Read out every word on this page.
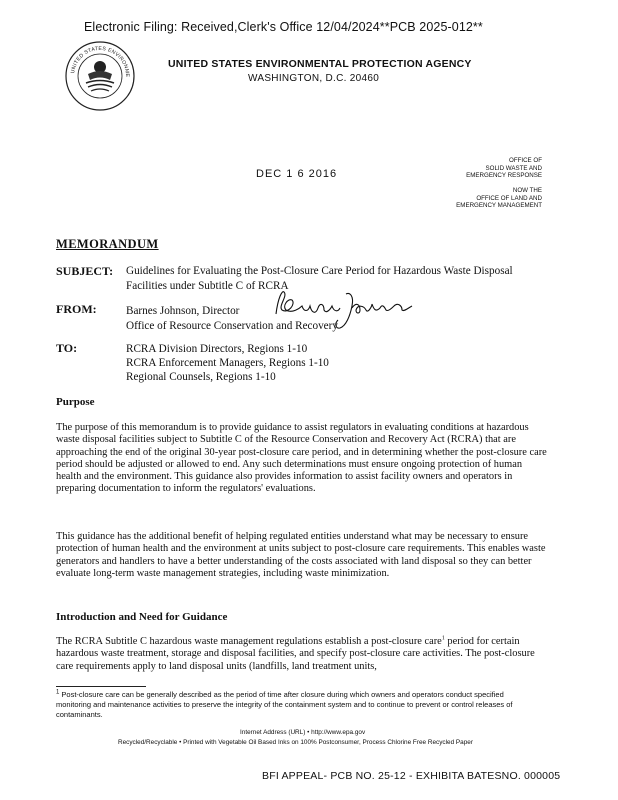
Electronic Filing: Received,Clerk's Office 12/04/2024**PCB 2025-012**
UNITED STATES ENVIRONME
UNITED STATES ENVIRONMENTAL PROTECTION AGENCY
WASHINGTON, D.C. 20460
DEC 1 6 2016
OFFICE OF
SOLID WASTE AND
EMERGENCY RESPONSE
NOW THE
OFFICE OF LAND AND
EMERGENCY MANAGEMENT
MEMORANDUM
SUBJECT: Guidelines for Evaluating the Post-Closure Care Period for Hazardous Waste Disposal
Facilities under Subtitle C of RCRA
FROM:	Barnes Johnson, Director
Office of Resource Conservation and Recovery
TO:	RCRA Division Directors, Regions 1-10
RCRA Enforcement Managers, Regions 1-10
Regional Counsels, Regions 1-10
Purpose
The purpose of this memorandum is to provide guidance to assist regulators in evaluating conditions at hazardous waste disposal facilities subject to Subtitle C of the Resource Conservation and Recovery Act (RCRA) that are approaching the end of the original 30-year post-closure care period, and in determining whether the post-closure care period should be adjusted or allowed to end. Any such determinations must ensure ongoing protection of human health and the environment. This guidance also provides information to assist facility owners and operators in preparing documentation to inform the regulators' evaluations.
This guidance has the additional benefit of helping regulated entities understand what may be necessary to ensure protection of human health and the environment at units subject to post-closure care requirements. This enables waste generators and handlers to have a better understanding of the costs associated with land disposal so they can better evaluate long-term waste management strategies, including waste minimization.
Introduction and Need for Guidance
The RCRA Subtitle C hazardous waste management regulations establish a post-closure care$^1$ period for certain hazardous waste treatment, storage and disposal facilities, and specify post-closure care activities. The post-closure care requirements apply to land disposal units (landfills, land treatment units,
$^1$ Post-closure care can be generally described as the period of time after closure during which owners and operators conduct specified monitoring and maintenance activities to preserve the integrity of the containment system and to continue to prevent or control releases of contaminants.
Internet Address (URL) • http://www.epa.gov
Recycled/Recyclable • Printed with Vegetable Oil Based Inks on 100% Postconsumer, Process Chlorine Free Recycled Paper
BFI APPEAL- PCB NO. 25-12 - EXHIBITA BATESNO. 000005
